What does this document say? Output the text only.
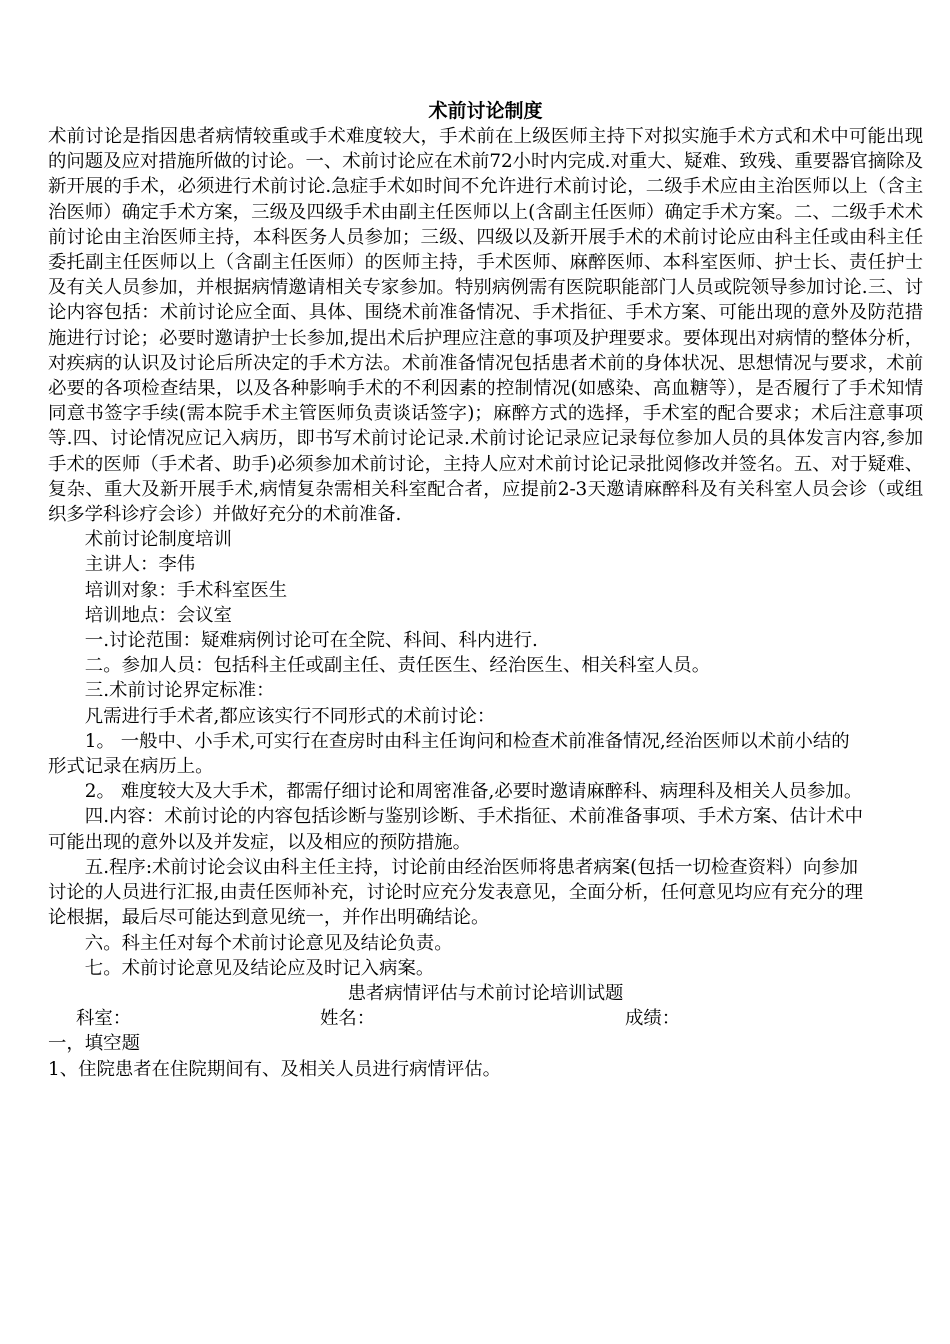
术前讨论制度

术前讨论是指因患者病情较重或手术难度较大，手术前在上级医师主持下对拟实施手术方式和术中可能出现的问题及应对措施所做的讨论。一、术前讨论应在术前72小时内完成.对重大、疑难、致残、重要器官摘除及新开展的手术，必须进行术前讨论.急症手术如时间不允许进行术前讨论，二级手术应由主治医师以上（含主治医师）确定手术方案，三级及四级手术由副主任医师以上(含副主任医师）确定手术方案。二、二级手术术前讨论由主治医师主持，本科医务人员参加；三级、四级以及新开展手术的术前讨论应由科主任或由科主任委托副主任医师以上（含副主任医师）的医师主持，手术医师、麻醉医师、本科室医师、护士长、责任护士及有关人员参加，并根据病情邀请相关专家参加。特别病例需有医院职能部门人员或院领导参加讨论.三、讨论内容包括：术前讨论应全面、具体、围绕术前准备情况、手术指征、手术方案、可能出现的意外及防范措施进行讨论；必要时邀请护士长参加,提出术后护理应注意的事项及护理要求。要体现出对病情的整体分析，对疾病的认识及讨论后所决定的手术方法。术前准备情况包括患者术前的身体状况、思想情况与要求，术前必要的各项检查结果，以及各种影响手术的不利因素的控制情况(如感染、高血糖等），是否履行了手术知情同意书签字手续(需本院手术主管医师负责谈话签字)；麻醉方式的选择，手术室的配合要求；术后注意事项等.四、讨论情况应记入病历，即书写术前讨论记录.术前讨论记录应记录每位参加人员的具体发言内容,参加手术的医师（手术者、助手)必须参加术前讨论，主持人应对术前讨论记录批阅修改并签名。五、对于疑难、复杂、重大及新开展手术,病情复杂需相关科室配合者，应提前2-3天邀请麻醉科及有关科室人员会诊（或组织多学科诊疗会诊）并做好充分的术前准备.

术前讨论制度培训

主讲人：李伟

培训对象：手术科室医生

培训地点：会议室

一.讨论范围：疑难病例讨论可在全院、科间、科内进行.

二。参加人员：包括科主任或副主任、责任医生、经治医生、相关科室人员。

三.术前讨论界定标准：

凡需进行手术者,都应该实行不同形式的术前讨论：

1。 一般中、小手术,可实行在查房时由科主任询问和检查术前准备情况,经治医师以术前小结的形式记录在病历上。

2。 难度较大及大手术，都需仔细讨论和周密准备,必要时邀请麻醉科、病理科及相关人员参加。

四.内容：术前讨论的内容包括诊断与鉴别诊断、手术指征、术前准备事项、手术方案、估计术中可能出现的意外以及并发症，以及相应的预防措施。

五.程序:术前讨论会议由科主任主持，讨论前由经治医师将患者病案(包括一切检查资料）向参加讨论的人员进行汇报,由责任医师补充，讨论时应充分发表意见，全面分析，任何意见均应有充分的理论根据，最后尽可能达到意见统一，并作出明确结论。

六。科主任对每个术前讨论意见及结论负责。

七。术前讨论意见及结论应及时记入病案。

患者病情评估与术前讨论培训试题

科室：	姓名：	成绩：

一，填空题

1、住院患者在住院期间有、及相关人员进行病情评估。
